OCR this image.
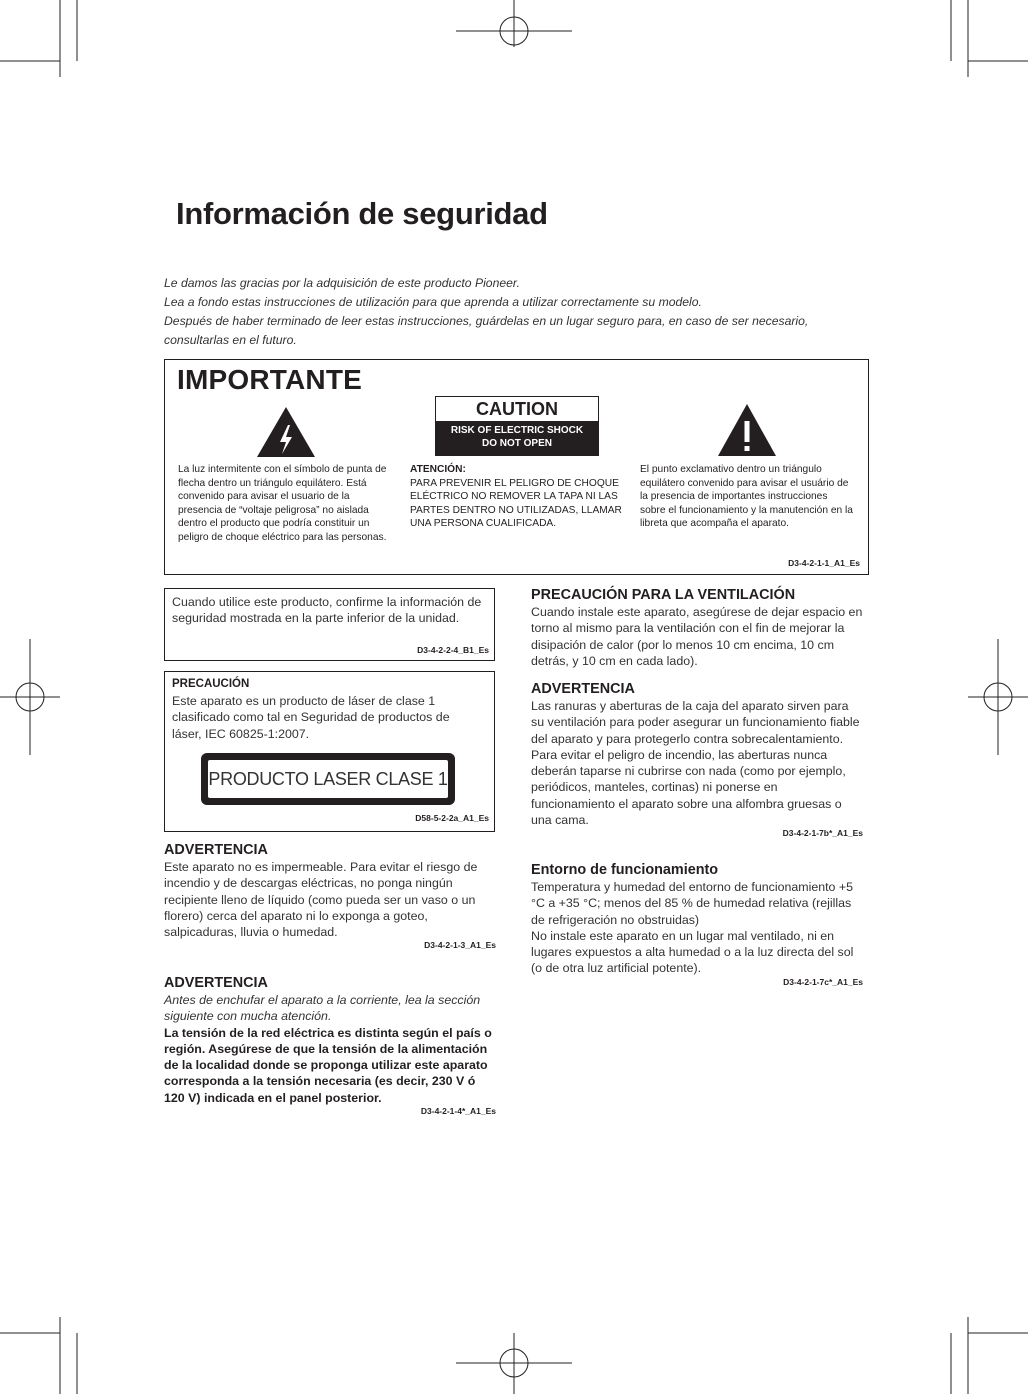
Información de seguridad

Le damos las gracias por la adquisición de este producto Pioneer.

Lea a fondo estas instrucciones de utilización para que aprenda a utilizar correctamente su modelo.

Después de haber terminado de leer estas instrucciones, guárdelas en un lugar seguro para, en caso de ser necesario, consultarlas en el futuro.

IMPORTANTE
La luz intermitente con el símbolo de punta de flecha dentro un triángulo equilátero. Está convenido para avisar el usuario de la presencia de “voltaje peligrosa” no aislada dentro el producto que podría constituir un peligro de choque eléctrico para las personas.
CAUTION
RISK OF ELECTRIC SHOCK
DO NOT OPEN
ATENCIÓN:
PARA PREVENIR EL PELIGRO DE CHOQUE ELÉCTRICO NO REMOVER LA TAPA NI LAS PARTES DENTRO NO UTILIZADAS, LLAMAR UNA PERSONA CUALIFICADA.
El punto exclamativo dentro un triángulo equilátero convenido para avisar el usuário de la presencia de importantes instrucciones sobre el funcionamiento y la manutención en la libreta que acompaña el aparato.
D3-4-2-1-1_A1_Es
Cuando utilice este producto, confirme la información de seguridad mostrada en la parte inferior de la unidad.
D3-4-2-2-4_B1_Es
PRECAUCIÓN
Este aparato es un producto de láser de clase 1 clasificado como tal en Seguridad de productos de láser, IEC 60825-1:2007.
PRODUCTO LASER CLASE 1
D58-5-2-2a_A1_Es
ADVERTENCIA
Este aparato no es impermeable. Para evitar el riesgo de incendio y de descargas eléctricas, no ponga ningún recipiente lleno de líquido (como pueda ser un vaso o un florero) cerca del aparato ni lo exponga a goteo, salpicaduras, lluvia o humedad.
D3-4-2-1-3_A1_Es
ADVERTENCIA
Antes de enchufar el aparato a la corriente, lea la sección siguiente con mucha atención.
La tensión de la red eléctrica es distinta según el país o región. Asegúrese de que la tensión de la alimentación de la localidad donde se proponga utilizar este aparato corresponda a la tensión necesaria (es decir, 230 V ó 120 V) indicada en el panel posterior.
D3-4-2-1-4*_A1_Es
PRECAUCIÓN PARA LA VENTILACIÓN
Cuando instale este aparato, asegúrese de dejar espacio en torno al mismo para la ventilación con el fin de mejorar la disipación de calor (por lo menos 10 cm encima, 10 cm detrás, y 10 cm en cada lado).
ADVERTENCIA
Las ranuras y aberturas de la caja del aparato sirven para su ventilación para poder asegurar un funcionamiento fiable del aparato y para protegerlo contra sobrecalentamiento. Para evitar el peligro de incendio, las aberturas nunca deberán taparse ni cubrirse con nada (como por ejemplo, periódicos, manteles, cortinas) ni ponerse en funcionamiento el aparato sobre una alfombra gruesas o una cama.
D3-4-2-1-7b*_A1_Es
Entorno de funcionamiento
Temperatura y humedad del entorno de funcionamiento +5 °C a +35 °C; menos del 85 % de humedad relativa (rejillas de refrigeración no obstruidas)
No instale este aparato en un lugar mal ventilado, ni en lugares expuestos a alta humedad o a la luz directa del sol (o de otra luz artificial potente).
D3-4-2-1-7c*_A1_Es
